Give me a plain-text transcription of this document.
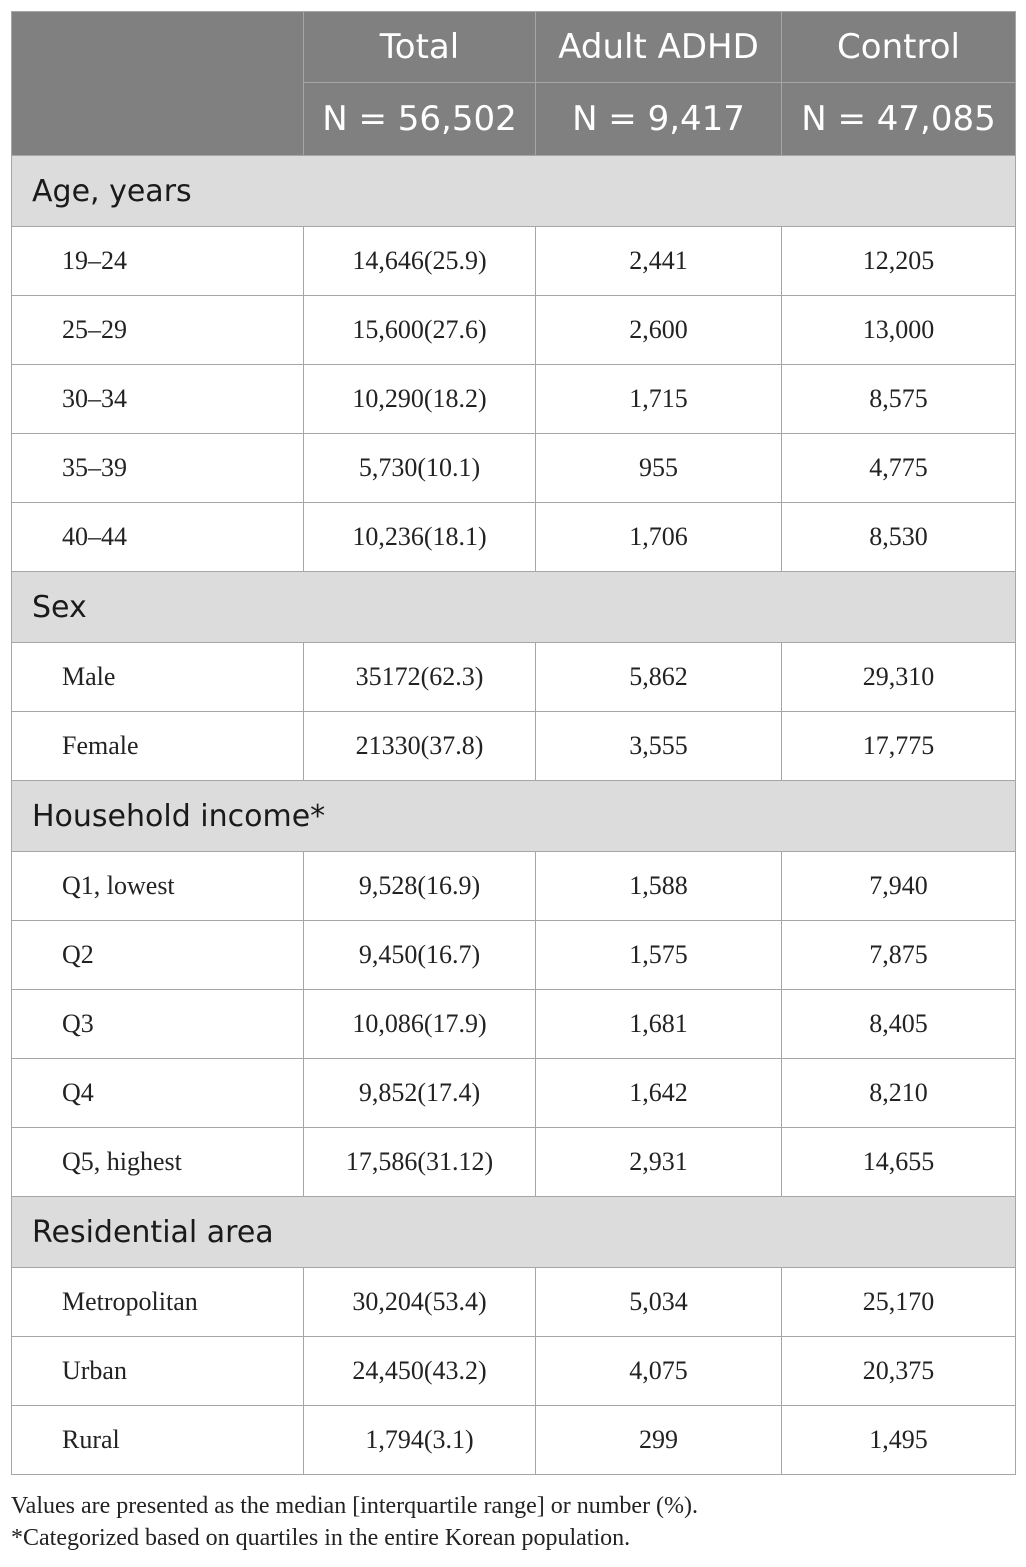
	Total	Adult ADHD	Control
	N = 56,502	N = 9,417	N = 47,085
Age, years			
19–24	14,646(25.9)	2,441	12,205
25–29	15,600(27.6)	2,600	13,000
30–34	10,290(18.2)	1,715	8,575
35–39	5,730(10.1)	955	4,775
40–44	10,236(18.1)	1,706	8,530
Sex			
Male	35172(62.3)	5,862	29,310
Female	21330(37.8)	3,555	17,775
Household income*			
Q1, lowest	9,528(16.9)	1,588	7,940
Q2	9,450(16.7)	1,575	7,875
Q3	10,086(17.9)	1,681	8,405
Q4	9,852(17.4)	1,642	8,210
Q5, highest	17,586(31.12)	2,931	14,655
Residential area			
Metropolitan	30,204(53.4)	5,034	25,170
Urban	24,450(43.2)	4,075	20,375
Rural	1,794(3.1)	299	1,495
Values are presented as the median [interquartile range] or number (%).
*Categorized based on quartiles in the entire Korean population.
